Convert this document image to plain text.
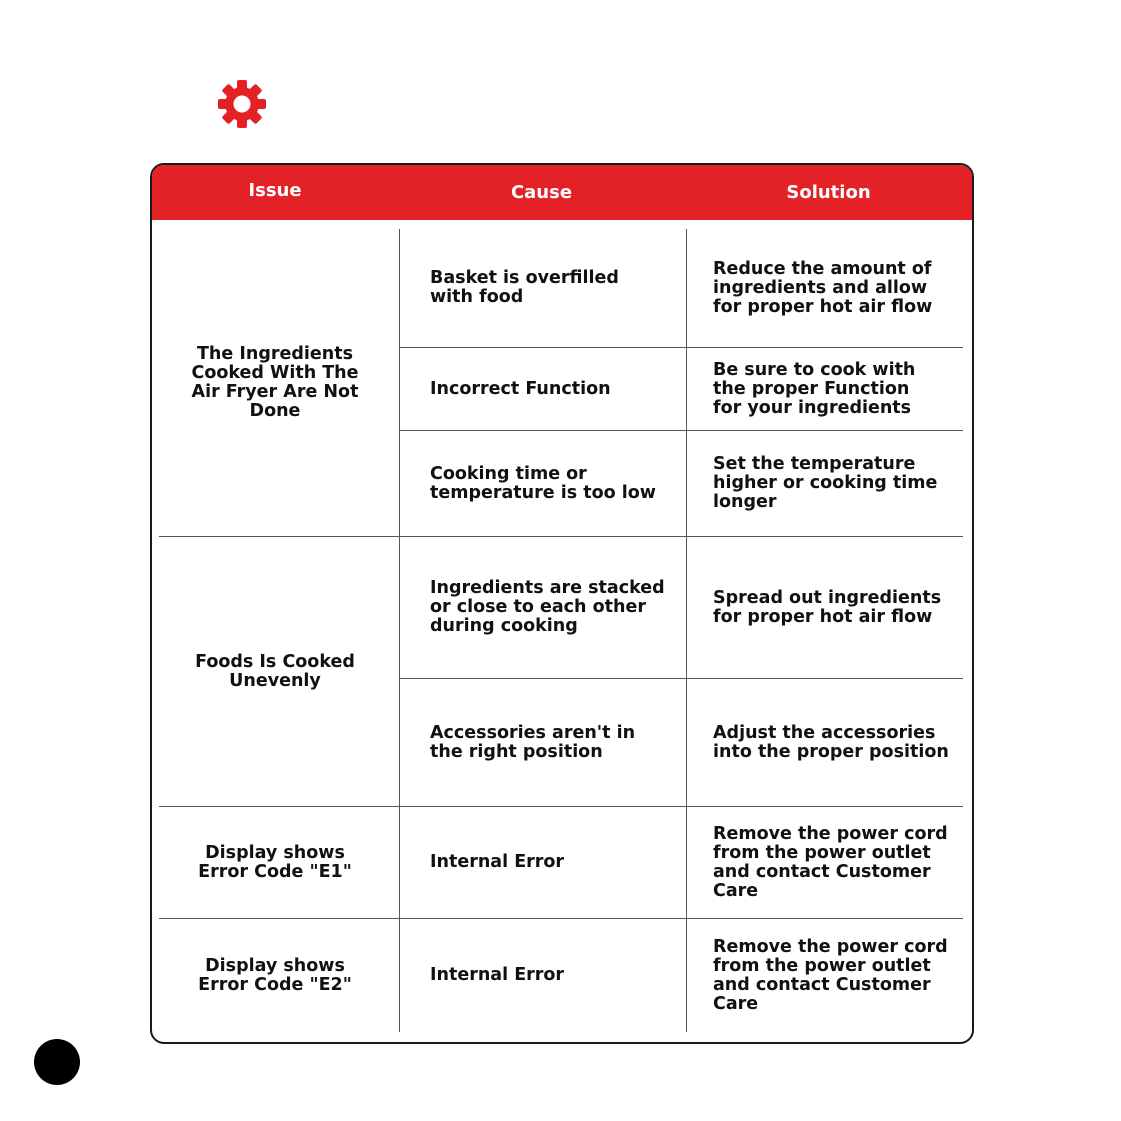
Issue	Cause	Solution
The Ingredients
Cooked With The
Air Fryer Are Not
Done
Foods Is Cooked
Unevenly
Display shows
Error Code "E1"
Display shows
Error Code "E2"
Basket is overfilled
with food
Incorrect Function
Cooking time or
temperature is too low
Ingredients are stacked
or close to each other
during cooking
Accessories aren't in
the right position
Internal Error
Internal Error
Reduce the amount of
ingredients and allow
for proper hot air flow
Be sure to cook with
the proper Function
for your ingredients
Set the temperature
higher or cooking time
longer
Spread out ingredients
for proper hot air flow
Adjust the accessories
into the proper position
Remove the power cord
from the power outlet
and contact Customer
Care
Remove the power cord
from the power outlet
and contact Customer
Care
